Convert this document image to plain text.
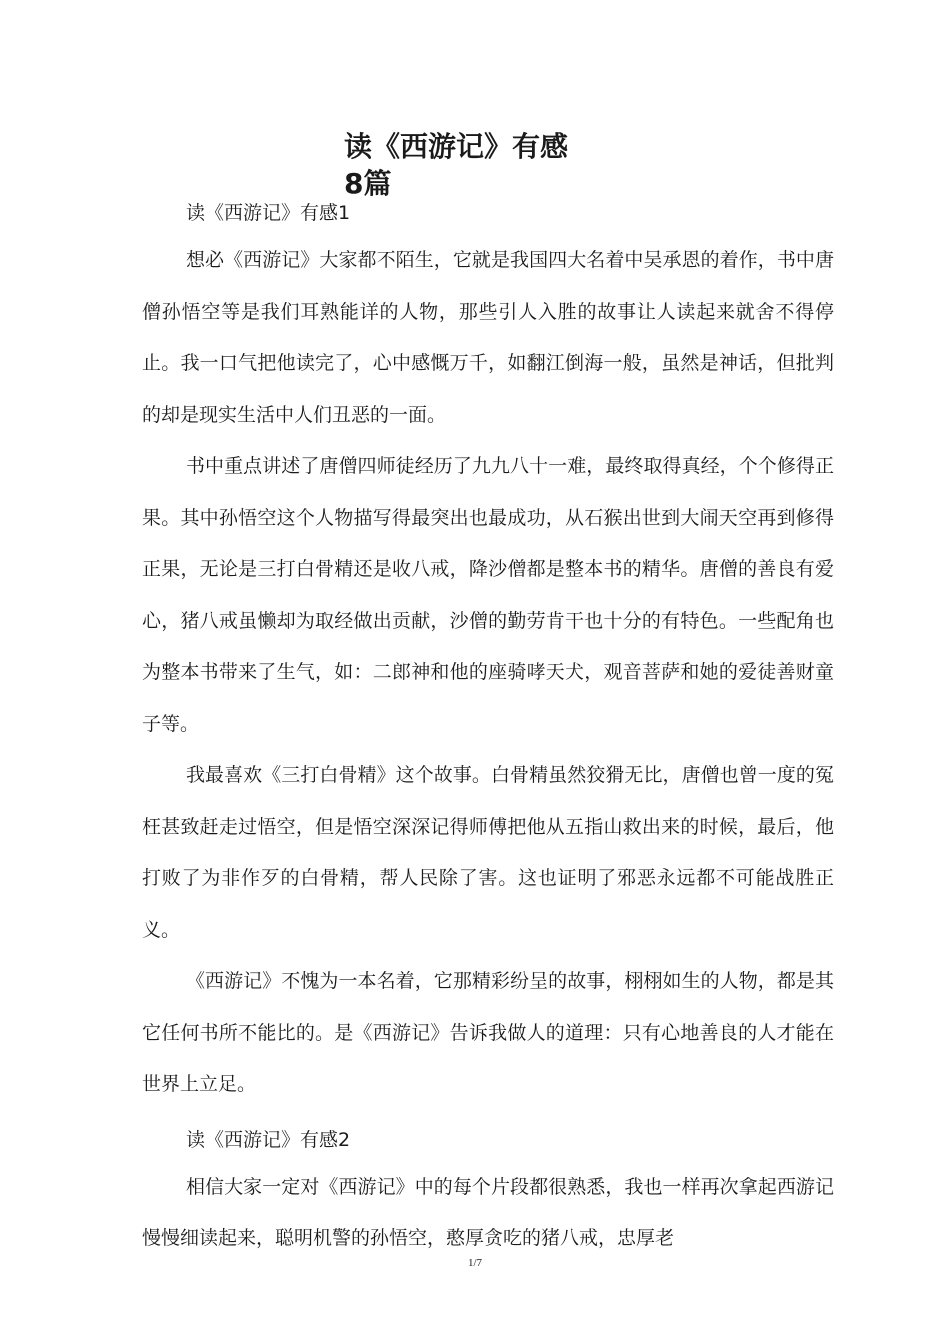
读《西游记》有感
8篇
读《西游记》有感1

想必《西游记》大家都不陌生，它就是我国四大名着中吴承恩的着作，书中唐僧孙悟空等是我们耳熟能详的人物，那些引人入胜的故事让人读起来就舍不得停止。我一口气把他读完了，心中感慨万千，如翻江倒海一般，虽然是神话，但批判的却是现实生活中人们丑恶的一面。

书中重点讲述了唐僧四师徒经历了九九八十一难，最终取得真经，个个修得正果。其中孙悟空这个人物描写得最突出也最成功，从石猴出世到大闹天空再到修得正果，无论是三打白骨精还是收八戒，降沙僧都是整本书的精华。唐僧的善良有爱心，猪八戒虽懒却为取经做出贡献，沙僧的勤劳肯干也十分的有特色。一些配角也为整本书带来了生气，如：二郎神和他的座骑哮天犬，观音菩萨和她的爱徒善财童子等。

我最喜欢《三打白骨精》这个故事。白骨精虽然狡猾无比，唐僧也曾一度的冤枉甚致赶走过悟空，但是悟空深深记得师傅把他从五指山救出来的时候，最后，他打败了为非作歹的白骨精，帮人民除了害。这也证明了邪恶永远都不可能战胜正义。

《西游记》不愧为一本名着，它那精彩纷呈的故事，栩栩如生的人物，都是其它任何书所不能比的。是《西游记》告诉我做人的道理：只有心地善良的人才能在世界上立足。

读《西游记》有感2

相信大家一定对《西游记》中的每个片段都很熟悉，我也一样再次拿起西游记慢慢细读起来，聪明机警的孙悟空，憨厚贪吃的猪八戒，忠厚老

1/7
